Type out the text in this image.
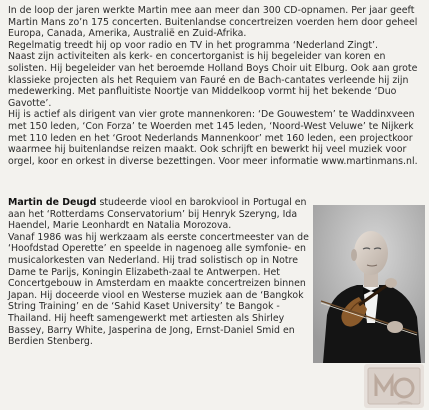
In de loop der jaren werkte Martin mee aan meer dan 300 CD-opnamen. Per jaar geeft
Martin Mans zo’n 175 concerten. Buitenlandse concertreizen voerden hem door geheel
Europa, Canada, Amerika, Australië en Zuid-Afrika.
Regelmatig treedt hij op voor radio en TV in het programma ‘Nederland Zingt’.
Naast zijn activiteiten als kerk- en concertorganist is hij begeleider van koren en
solisten. Hij begeleider van het beroemde Holland Boys Choir uit Elburg. Ook aan grote
klassieke projecten als het Requiem van Fauré en de Bach-cantates verleende hij zijn
medewerking. Met panfluitiste Noortje van Middelkoop vormt hij het bekende ‘Duo
Gavotte’.
Hij is actief als dirigent van vier grote mannenkoren: ‘De Gouwestem’ te Waddinxveen
met 150 leden, ‘Con Forza’ te Woerden met 145 leden, ‘Noord-West Veluwe’ te Nijkerk
met 110 leden en het ‘Groot Nederlands Mannenkoor’ met 160 leden, een projectkoor
waarmee hij buitenlandse reizen maakt. Ook schrijft en bewerkt hij veel muziek voor
orgel, koor en orkest in diverse bezettingen. Voor meer informatie www.martinmans.nl.
Martin de Deugd studeerde viool en barokviool in Portugal en
aan het ‘Rotterdams Conservatorium’ bij Henryk Szeryng, Ida
Haendel, Marie Leonhardt en Natalia Morozova.
Vanaf 1986 was hij werkzaam als eerste concertmeester van de
‘Hoofdstad Operette’ en speelde in nagenoeg alle symfonie- en
musicalorkesten van Nederland. Hij trad solistisch op in Notre
Dame te Parijs, Koningin Elizabeth-zaal te Antwerpen. Het
Concertgebouw in Amsterdam en maakte concertreizen binnen
Japan. Hij doceerde viool en Westerse muziek aan de ‘Bangkok
String Training’ en de ‘Sahid Kaset University’ te Bangok -
Thailand. Hij heeft samengewerkt met artiesten als Shirley
Bassey, Barry White, Jasperina de Jong, Ernst-Daniel Smid en
Berdien Stenberg.
